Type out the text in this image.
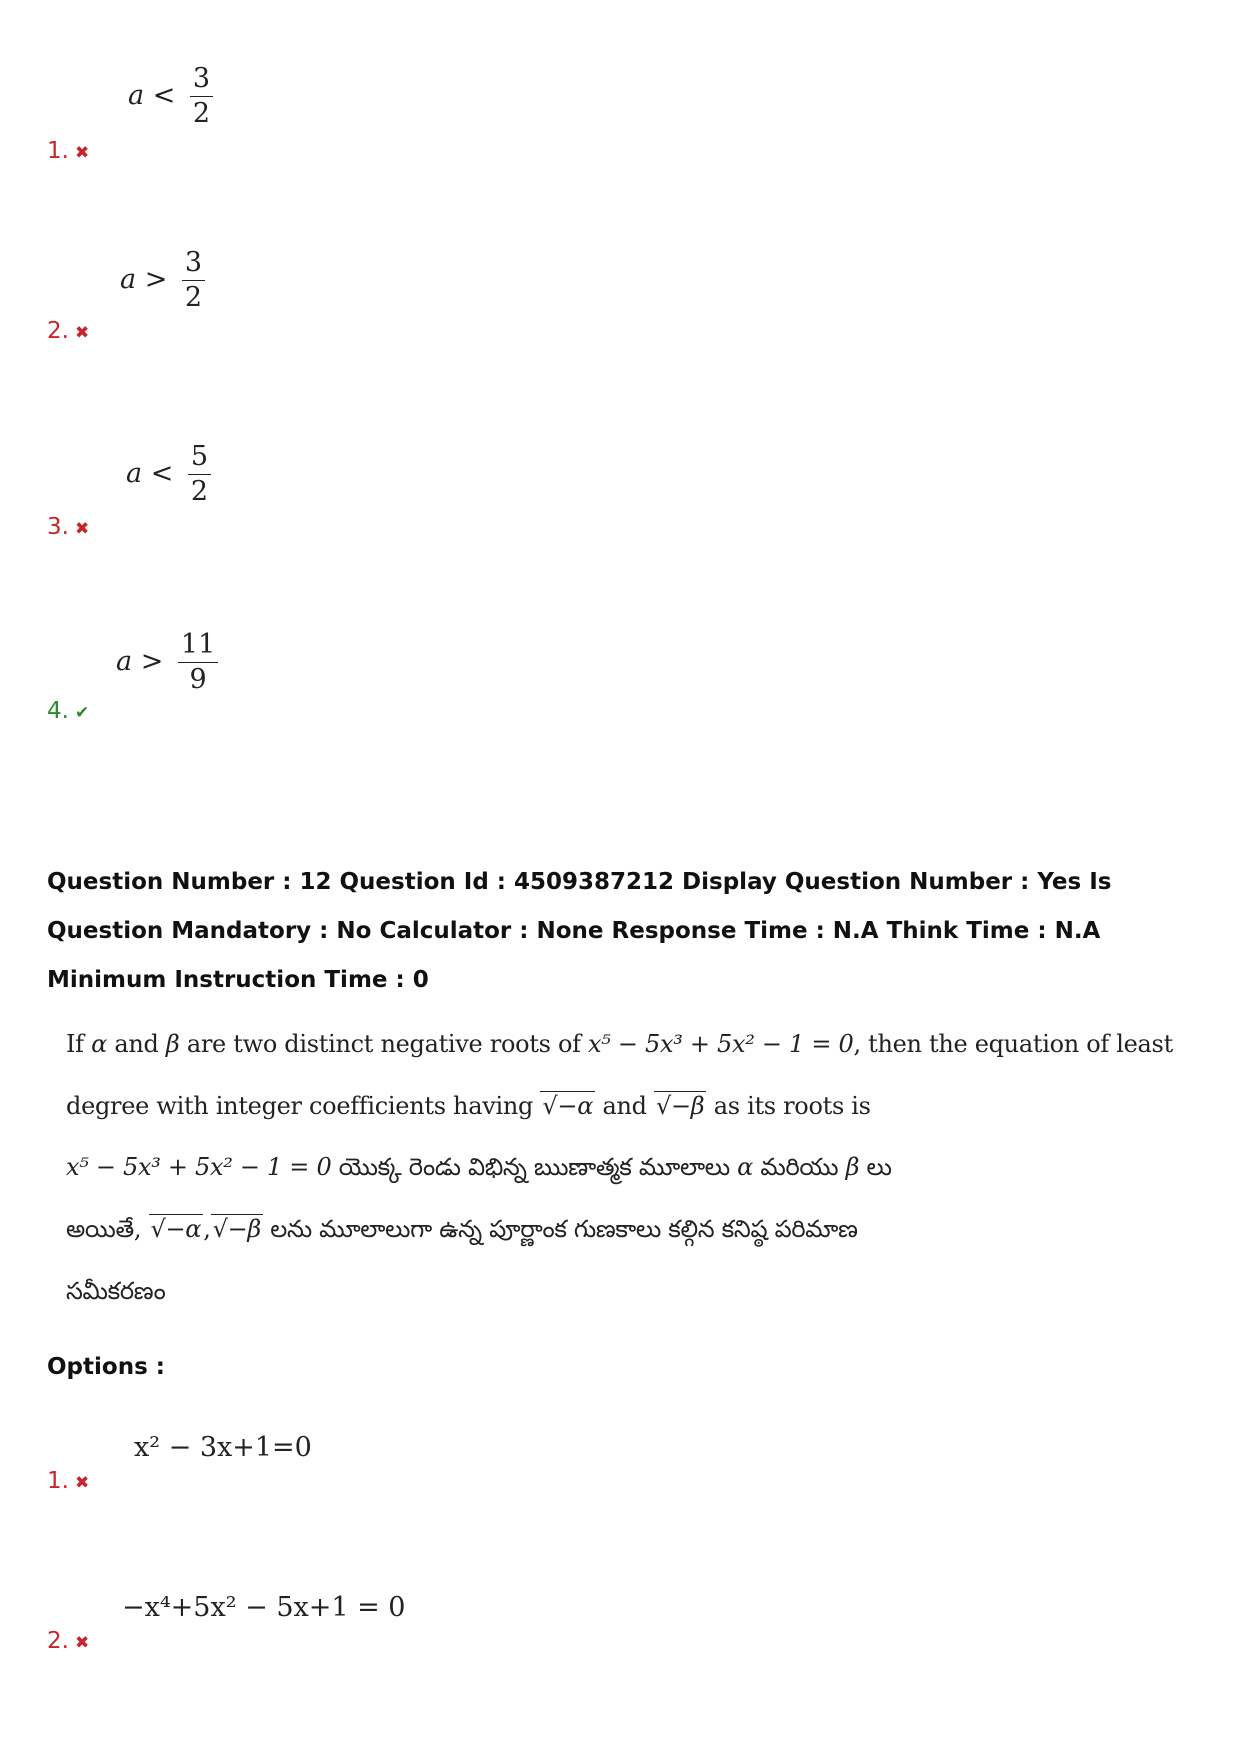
$a < \frac{3}{2}$
1. ✖
$a > \frac{3}{2}$
2. ✖
$a < \frac{5}{2}$
3. ✖
$a > \frac{11}{9}$
4. ✔
Question Number : 12 Question Id : 4509387212 Display Question Number : Yes Is Question Mandatory : No Calculator : None Response Time : N.A Think Time : N.A Minimum Instruction Time : 0
If α and β are two distinct negative roots of x⁵ − 5x³ + 5x² − 1 = 0, then the equation of least
degree with integer coefficients having √ −α and √ −β as its roots is
x⁵ − 5x³ + 5x² − 1 = 0 యొక్క రెండు విభిన్న ఋణాత్మక మూలాలు α మరియు β లు
అయితే, √ −α,√ −β లను మూలాలుగా ఉన్న పూర్ణాంక గుణకాలు కల్గిన కనిష్ఠ పరిమాణ
సమీకరణం
Options :
x² − 3x+1=0
1. ✖
−x⁴+5x² − 5x+1 = 0
2. ✖
